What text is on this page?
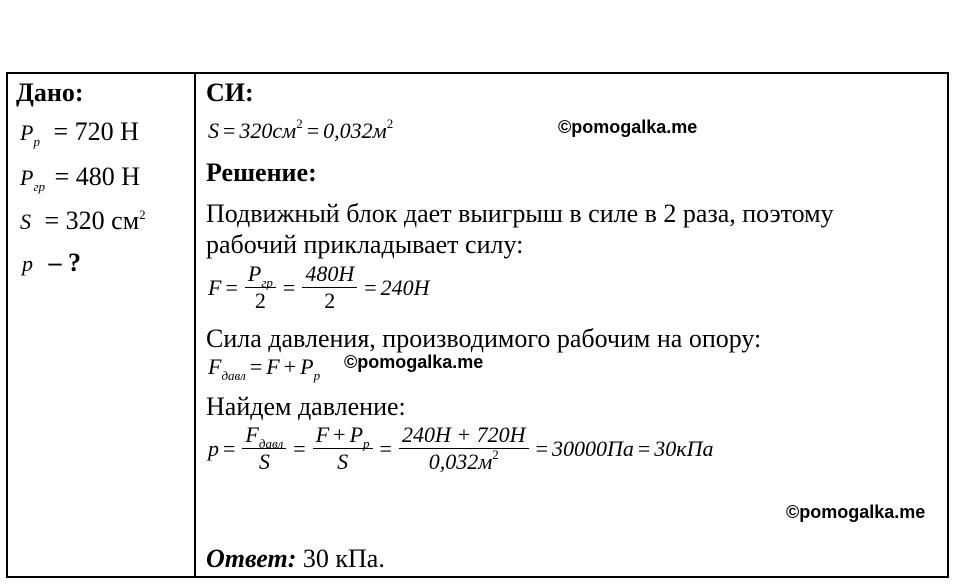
Дано:
$P_р = 720$ Н
$P_{гр} = 480$ Н
S = 320 $см^2$
p – ?
СИ:
$S = 320см^2 = 0,032м^2$	©pomogalka.me
Решение:
Подвижный блок дает выигрыш в силе в 2 раза, поэтому
рабочий прикладывает силу:
$F = \frac{P_{гр}}{2} = \frac{480Н}{2} = 240Н$
Сила давления, производимого рабочим на опору:
$F_{давл} = F + P_р$
©pomogalka.me
Найдем давление:
$p = \frac{F_{давл}}{S} = \frac{F + P_р}{S} = \frac{240Н + 720Н}{0,032м^2} = 30000Па = 30кПа$
©pomogalka.me
Ответ: 30 кПа.
